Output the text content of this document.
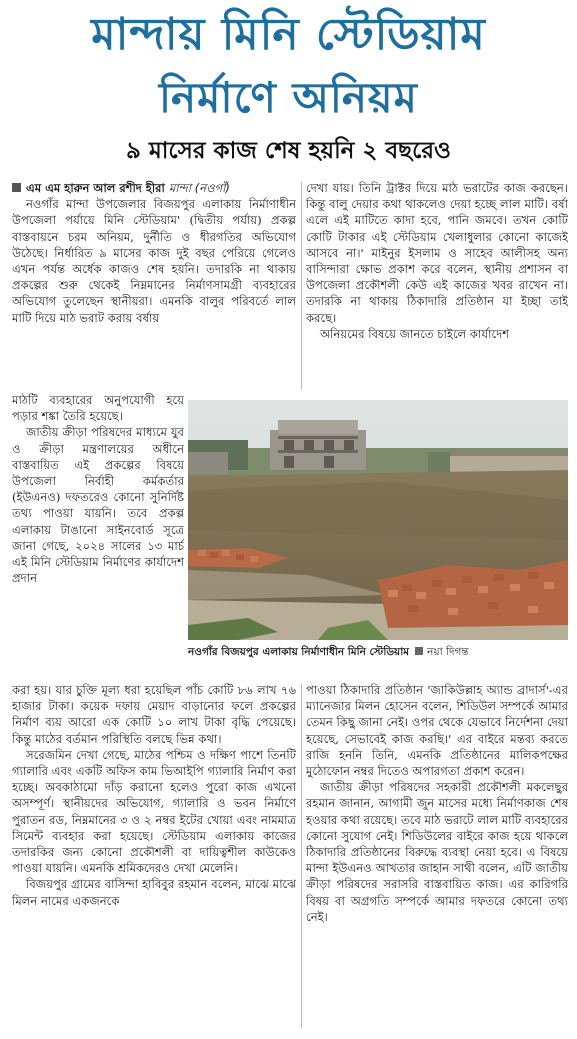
মান্দায় মিনি স্টেডিয়াম
নির্মাণে অনিয়ম
৯ মাসের কাজ শেষ হয়নি ২ বছরেও

এম এম হারুন আল রশীদ হীরা মান্দা (নওগাঁ)

নওগাঁর মান্দা উপজেলার বিজয়পুর এলাকায় নির্মাণাধীন উপজেলা পর্যায়ে মিনি স্টেডিয়াম' (দ্বিতীয় পর্যায়) প্রকল্প বাস্তবায়নে চরম অনিয়ম, দুর্নীতি ও ধীরগতির অভিযোগ উঠেছে। নির্ধারিত ৯ মাসের কাজ দুই বছর পেরিয়ে গেলেও এখন পর্যন্ত অর্ধেক কাজও শেষ হয়নি। তদারকি না থাকায় প্রকল্পের শুরু থেকেই নিম্নমানের নির্মাণসামগ্রী ব্যবহারের অভিযোগ তুলেছেন স্থানীয়রা। এমনকি বালুর পরিবর্তে লাল মাটি দিয়ে মাঠ ভরাট করায় বর্ষায়

মাঠটি ব্যবহারের অনুপযোগী হয়ে পড়ার শঙ্কা তৈরি হয়েছে।

জাতীয় ক্রীড়া পরিষদের মাধ্যমে যুব ও ক্রীড়া মন্ত্রণালয়ের অধীনে বাস্তবায়িত এই প্রকল্পের বিষয়ে উপজেলা নির্বাহী কর্মকর্তার (ইউএনও) দফতরেও কোনো সুনির্দিষ্ট তথ্য পাওয়া যায়নি। তবে প্রকল্প এলাকায় টাঙানো সাইনবোর্ড সূত্রে জানা গেছে, ২০২৪ সালের ১৩ মার্চ এই মিনি স্টেডিয়াম নির্মাণের কার্যাদেশ প্রদান

দেখা যায়। তিনি ট্রাক্টর দিয়ে মাঠ ভরাটের কাজ করছেন। কিন্তু বালু দেয়ার কথা থাকলেও দেয়া হচ্ছে লাল মাটি। বর্ষা এলে এই মাটিতে কাদা হবে, পানি জমবে। তখন কোটি কোটি টাকার এই স্টেডিয়াম খেলাধুলার কোনো কাজেই আসবে না।' মাইনুর ইসলাম ও সাহেব আলীসহ অন্য বাসিন্দারা ক্ষোভ প্রকাশ করে বলেন, স্থানীয় প্রশাসন বা উপজেলা প্রকৌশলী কেউ এই কাজের খবর রাখেন না। তদারকি না থাকায় ঠিকাদারি প্রতিষ্ঠান যা ইচ্ছা তাই করছে।

অনিয়মের বিষয়ে জানতে চাইলে কার্যাদেশ

নওগাঁর বিজয়পুর এলাকায় নির্মাণাধীন মিনি স্টেডিয়াম নয়া দিগন্ত

করা হয়। যার চুক্তি মূল্য ধরা হয়েছিল পাঁচ কোটি ৮৬ লাখ ৭৬ হাজার টাকা। কয়েক দফায় মেয়াদ বাড়ানোর ফলে প্রকল্পের নির্মাণ ব্যয় আরো এক কোটি ১০ লাখ টাকা বৃদ্ধি পেয়েছে। কিন্তু মাঠের বর্তমান পরিস্থিতি বলছে ভিন্ন কথা।

সরেজমিন দেখা গেছে, মাঠের পশ্চিম ও দক্ষিণ পাশে তিনটি গ্যালারি এবং একটি অফিস কাম ভিআইপি গ্যালারি নির্মাণ করা হচ্ছে। অবকাঠামো দাঁড় করানো হলেও পুরো কাজ এখনো অসম্পূর্ণ। স্থানীয়দের অভিযোগ, গ্যালারি ও ভবন নির্মাণে পুরাতন রড, নিম্নমানের ৩ ও ২ নম্বর ইটের খোয়া এবং নামমাত্র সিমেন্ট ব্যবহার করা হয়েছে। স্টেডিয়াম এলাকায় কাজের তদারকির জন্য কোনো প্রকৌশলী বা দায়িত্বশীল কাউকেও পাওয়া যায়নি। এমনকি শ্রমিকদেরও দেখা মেলেনি।

বিজয়পুর গ্রামের বাসিন্দা হাবিবুর রহমান বলেন, মাঝে মাঝে মিলন নামের একজনকে

পাওয়া ঠিকাদারি প্রতিষ্ঠান 'জাকিউল্লাহ অ্যান্ড ব্রাদার্স'-এর ম্যানেজার মিলন হোসেন বলেন, শিডিউল সম্পর্কে আমার তেমন কিছু জানা নেই। ওপর থেকে যেভাবে নির্দেশনা দেয়া হয়েছে, সেভাবেই কাজ করছি।' এর বাইরে মন্তব্য করতে রাজি হননি তিনি, এমনকি প্রতিষ্ঠানের মালিকপক্ষের মুঠোফোন নম্বর দিতেও অপারগতা প্রকাশ করেন।

জাতীয় ক্রীড়া পরিষদের সহকারী প্রকৌশলী মকলেছুর রহমান জানান, আগামী জুন মাসের মধ্যে নির্মাণকাজ শেষ হওয়ার কথা রয়েছে। তবে মাঠ ভরাটে লাল মাটি ব্যবহারের কোনো সুযোগ নেই। শিডিউলের বাইরে কাজ হয়ে থাকলে ঠিকাদারি প্রতিষ্ঠানের বিরুদ্ধে ব্যবস্থা নেয়া হবে। এ বিষয়ে মান্দা ইউএনও আখতার জাহান সাথী বলেন, এটি জাতীয় ক্রীড়া পরিষদের সরাসরি বাস্তবায়িত কাজ। এর কারিগরি বিষয় বা অগ্রগতি সম্পর্কে আমার দফতরে কোনো তথ্য নেই।
